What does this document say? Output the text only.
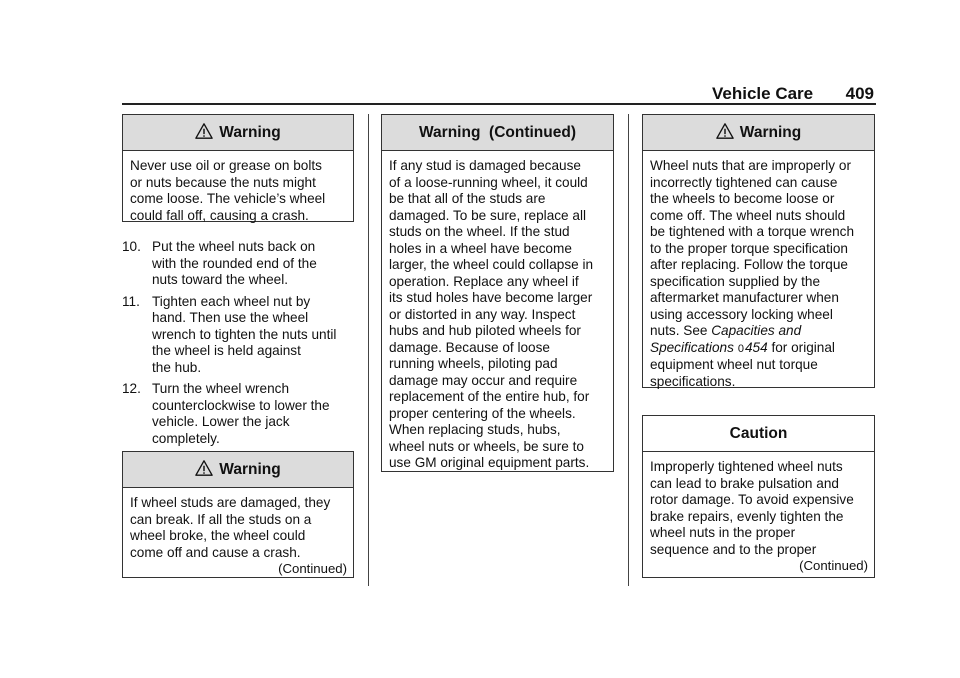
Vehicle Care 409
Warning
Never use oil or grease on bolts
or nuts because the nuts might
come loose. The vehicle’s wheel
could fall off, causing a crash.
10. Put the wheel nuts back on
with the rounded end of the
nuts toward the wheel.
11. Tighten each wheel nut by
hand. Then use the wheel
wrench to tighten the nuts until
the wheel is held against
the hub.
12. Turn the wheel wrench
counterclockwise to lower the
vehicle. Lower the jack
completely.
Warning
If wheel studs are damaged, they
can break. If all the studs on a
wheel broke, the wheel could
come off and cause a crash.
(Continued)
Warning  (Continued)
If any stud is damaged because
of a loose-running wheel, it could
be that all of the studs are
damaged. To be sure, replace all
studs on the wheel. If the stud
holes in a wheel have become
larger, the wheel could collapse in
operation. Replace any wheel if
its stud holes have become larger
or distorted in any way. Inspect
hubs and hub piloted wheels for
damage. Because of loose
running wheels, piloting pad
damage may occur and require
replacement of the entire hub, for
proper centering of the wheels.
When replacing studs, hubs,
wheel nuts or wheels, be sure to
use GM original equipment parts.
Warning
Wheel nuts that are improperly or
incorrectly tightened can cause
the wheels to become loose or
come off. The wheel nuts should
be tightened with a torque wrench
to the proper torque specification
after replacing. Follow the torque
specification supplied by the
aftermarket manufacturer when
using accessory locking wheel
nuts. See Capacities and
Specifications 0454 for original
equipment wheel nut torque
specifications.
Caution
Improperly tightened wheel nuts
can lead to brake pulsation and
rotor damage. To avoid expensive
brake repairs, evenly tighten the
wheel nuts in the proper
sequence and to the proper
(Continued)
